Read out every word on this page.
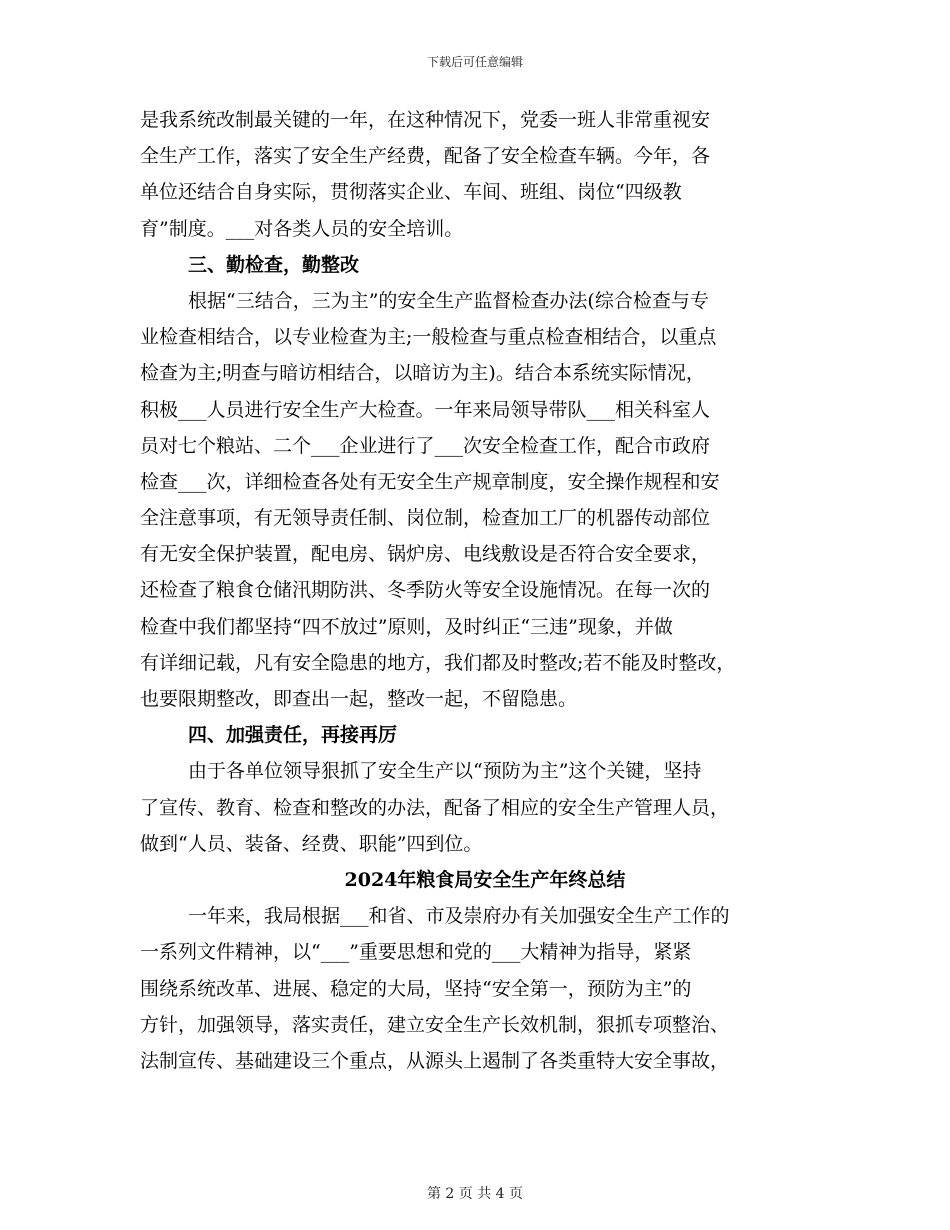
下载后可任意编辑
是我系统改制最关键的一年，在这种情况下，党委一班人非常重视安
全生产工作，落实了安全生产经费，配备了安全检查车辆。今年，各
单位还结合自身实际，贯彻落实企业、车间、班组、岗位“四级教
育”制度。___对各类人员的安全培训。
三、勤检查，勤整改
根据“三结合，三为主”的安全生产监督检查办法(综合检查与专
业检查相结合，以专业检查为主;一般检查与重点检查相结合，以重点
检查为主;明查与暗访相结合，以暗访为主)。结合本系统实际情况，
积极___人员进行安全生产大检查。一年来局领导带队___相关科室人
员对七个粮站、二个___企业进行了___次安全检查工作，配合市政府
检查___次，详细检查各处有无安全生产规章制度，安全操作规程和安
全注意事项，有无领导责任制、岗位制，检查加工厂的机器传动部位
有无安全保护装置，配电房、锅炉房、电线敷设是否符合安全要求，
还检查了粮食仓储汛期防洪、冬季防火等安全设施情况。在每一次的
检查中我们都坚持“四不放过”原则，及时纠正“三违”现象，并做
有详细记载，凡有安全隐患的地方，我们都及时整改;若不能及时整改，
也要限期整改，即查出一起，整改一起，不留隐患。
四、加强责任，再接再厉
由于各单位领导狠抓了安全生产以“预防为主”这个关键，坚持
了宣传、教育、检查和整改的办法，配备了相应的安全生产管理人员，
做到“人员、装备、经费、职能”四到位。
2024年粮食局安全生产年终总结
一年来，我局根据___和省、市及崇府办有关加强安全生产工作的
一系列文件精神，以“___”重要思想和党的___大精神为指导，紧紧
围绕系统改革、进展、稳定的大局，坚持“安全第一，预防为主”的
方针，加强领导，落实责任，建立安全生产长效机制，狠抓专项整治、
法制宣传、基础建设三个重点，从源头上遏制了各类重特大安全事故，
第 2 页 共 4 页
